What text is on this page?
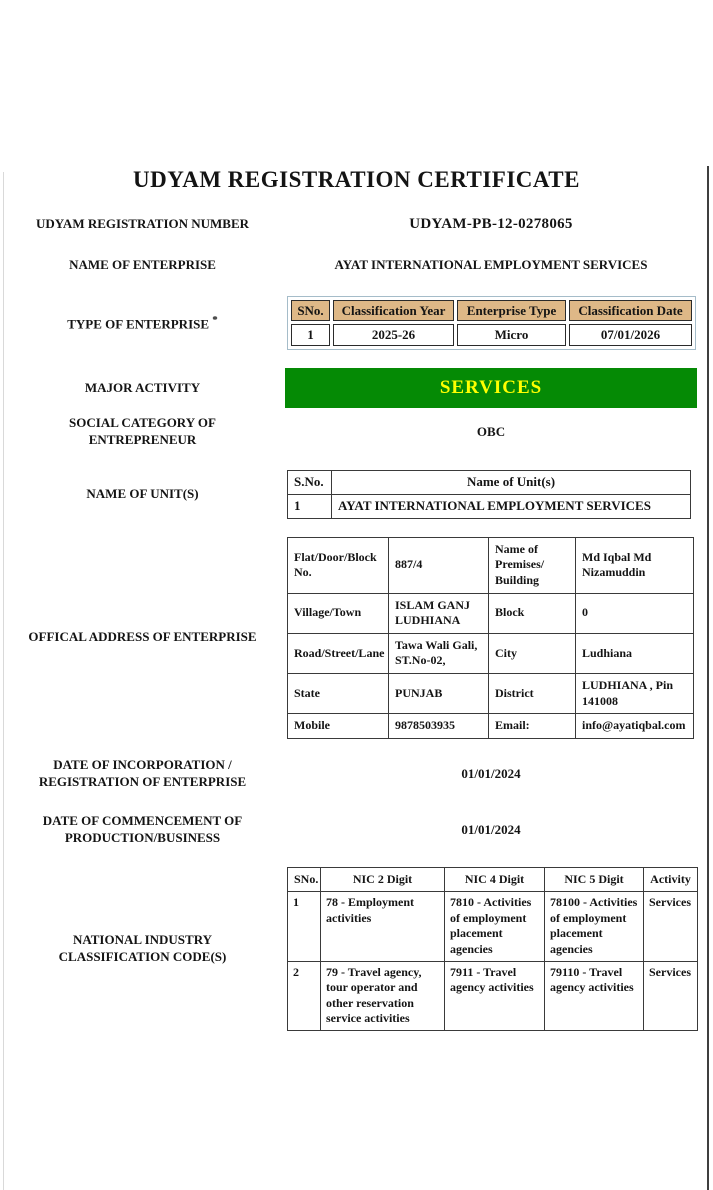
UDYAM REGISTRATION CERTIFICATE
UDYAM REGISTRATION NUMBER	UDYAM-PB-12-0278065
NAME OF ENTERPRISE	AYAT INTERNATIONAL EMPLOYMENT SERVICES
TYPE OF ENTERPRISE *
SNo.	Classification Year	Enterprise Type	Classification Date
1	2025-26	Micro	07/01/2026
MAJOR ACTIVITY	SERVICES
SOCIAL CATEGORY OF ENTREPRENEUR
OBC
NAME OF UNIT(S)
S.No.	Name of Unit(s)
1	AYAT INTERNATIONAL EMPLOYMENT SERVICES
OFFICAL ADDRESS OF ENTERPRISE
Flat/Door/Block No.	887/4	Name of Premises/ Building	Md Iqbal Md Nizamuddin
Village/Town	ISLAM GANJ LUDHIANA	Block	0
Road/Street/Lane	Tawa Wali Gali, ST.No-02,	City	Ludhiana
State	PUNJAB	District	LUDHIANA , Pin 141008
Mobile	9878503935	Email:	info@ayatiqbal.com
DATE OF INCORPORATION / REGISTRATION OF ENTERPRISE
01/01/2024
DATE OF COMMENCEMENT OF PRODUCTION/BUSINESS
01/01/2024
NATIONAL INDUSTRY CLASSIFICATION CODE(S)
SNo.	NIC 2 Digit	NIC 4 Digit	NIC 5 Digit	Activity
1	78 - Employment activities	7810 - Activities of employment placement agencies	78100 - Activities of employment placement agencies	Services
2	79 - Travel agency, tour operator and other reservation service activities	7911 - Travel agency activities	79110 - Travel agency activities	Services
